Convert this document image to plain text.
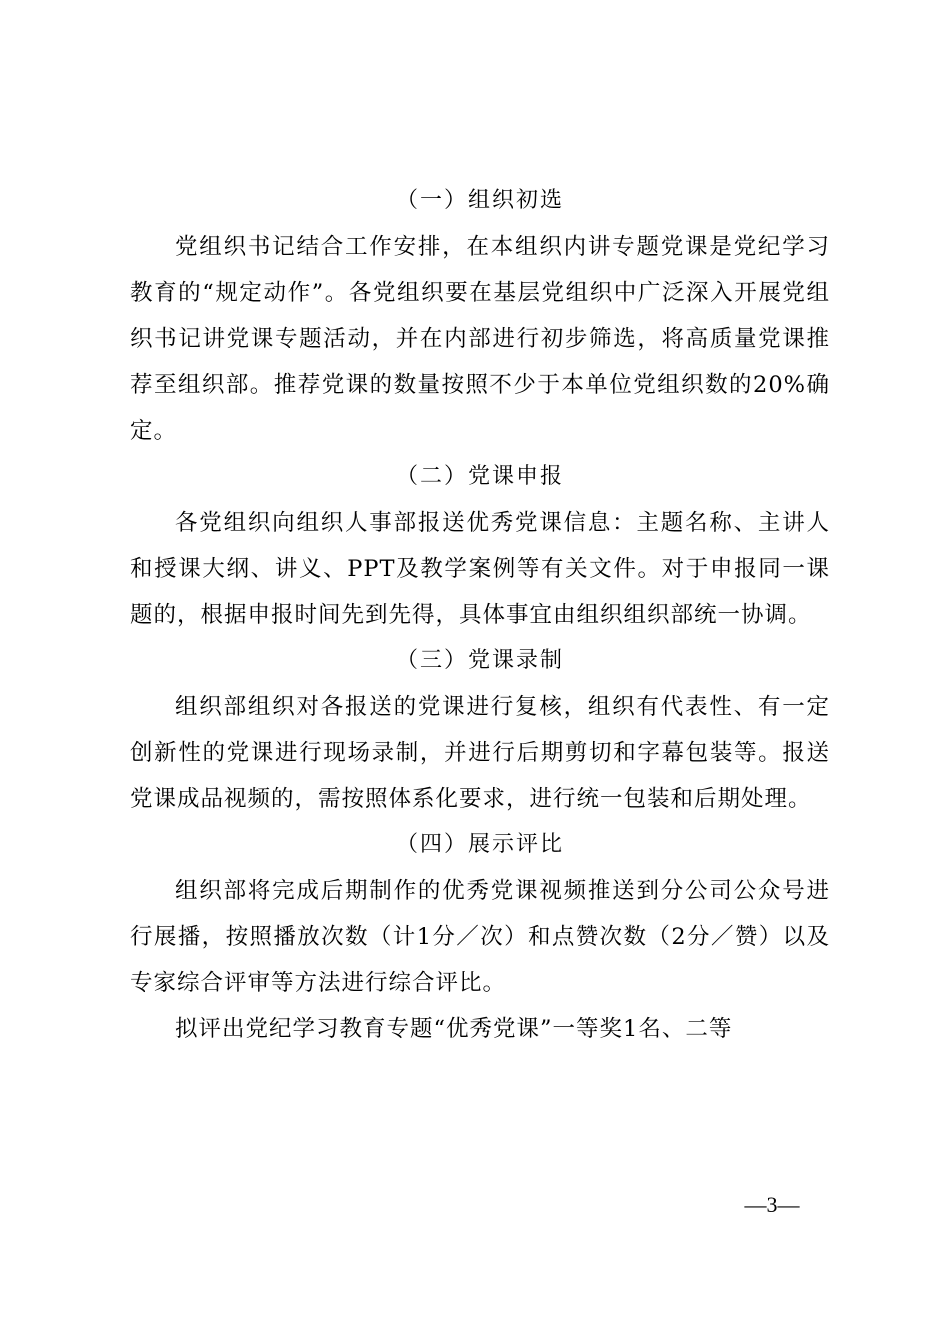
（一）组织初选

党组织书记结合工作安排，在本组织内讲专题党课是党纪学习教育的“规定动作”。各党组织要在基层党组织中广泛深入开展党组织书记讲党课专题活动，并在内部进行初步筛选，将高质量党课推荐至组织部。推荐党课的数量按照不少于本单位党组织数的20%确定。

（二）党课申报

各党组织向组织人事部报送优秀党课信息：主题名称、主讲人和授课大纲、讲义、PPT及教学案例等有关文件。对于申报同一课题的，根据申报时间先到先得，具体事宜由组织组织部统一协调。

（三）党课录制

组织部组织对各报送的党课进行复核，组织有代表性、有一定创新性的党课进行现场录制，并进行后期剪切和字幕包装等。报送党课成品视频的，需按照体系化要求，进行统一包装和后期处理。

（四）展示评比

组织部将完成后期制作的优秀党课视频推送到分公司公众号进行展播，按照播放次数（计1分／次）和点赞次数（2分／赞）以及专家综合评审等方法进行综合评比。

拟评出党纪学习教育专题“优秀党课”一等奖1名、二等

—3—
